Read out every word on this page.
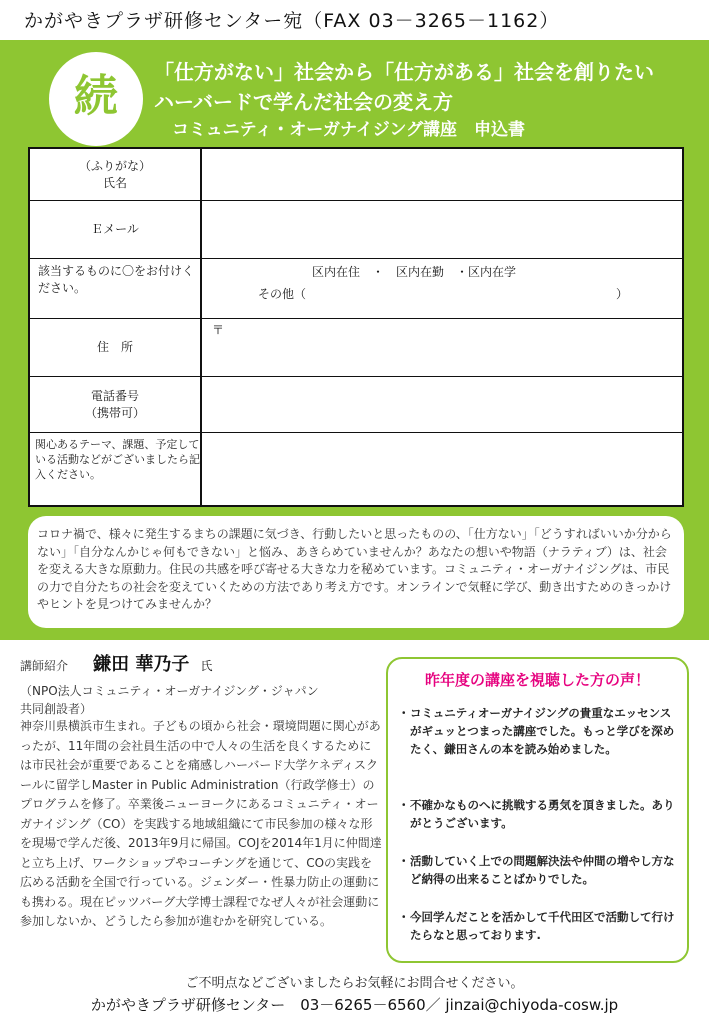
かがやきプラザ研修センター宛（FAX 03－3265－1162）
続	「仕方がない」社会から「仕方がある」社会を創りたい
ハーバードで学んだ社会の変え方
コミュニティ・オーガナイジング講座　申込書
（ふりがな）
氏名
Ｅメール
該当するものに〇をお付けください。
区内在住　・　区内在勤　・区内在学
その他（	）
住　所
〒
電話番号
（携帯可）
関心あるテーマ、課題、予定している活動などがございましたら記入ください。
コロナ禍で、様々に発生するまちの課題に気づき、行動したいと思ったものの、「仕方ない」「どうすればいいか分からない」「自分なんかじゃ何もできない」と悩み、あきらめていませんか？あなたの想いや物語（ナラティブ）は、社会を変える大きな原動力。住民の共感を呼び寄せる大きな力を秘めています。コミュニティ・オーガナイジングは、市民の力で自分たちの社会を変えていくための方法であり考え方です。オンラインで気軽に学び、動き出すためのきっかけやヒントを見つけてみませんか？
講師紹介 鎌田 華乃子 氏
（NPO法人コミュニティ・オーガナイジング・ジャパン共同創設者）
神奈川県横浜市生まれ。子どもの頃から社会・環境問題に関心があったが、11年間の会社員生活の中で人々の生活を良くするためには市民社会が重要であることを痛感しハーバード大学ケネディスクールに留学しMaster in Public Administration（行政学修士）のプログラムを修了。卒業後ニューヨークにあるコミュニティ・オーガナイジング（CO）を実践する地域組織にて市民参加の様々な形を現場で学んだ後、2013年9月に帰国。COJを2014年1月に仲間達と立ち上げ、ワークショップやコーチングを通じて、COの実践を広める活動を全国で行っている。ジェンダー・性暴力防止の運動にも携わる。現在ピッツバーグ大学博士課程でなぜ人々が社会運動に参加しないか、どうしたら参加が進むかを研究している。
昨年度の講座を視聴した方の声！
・ コミュニティオーガナイジングの貴重なエッセンスがギュッとつまった講座でした。もっと学びを深めたく、鎌田さんの本を読み始めました。
・ 不確かなものへに挑戦する勇気を頂きました。ありがとうございます。
・ 活動していく上での問題解決法や仲間の増やし方など納得の出来ることばかりでした。
・ 今回学んだことを活かして千代田区で活動して行けたらなと思っております.
ご不明点などございましたらお気軽にお問合せください。
かがやきプラザ研修センター　03－6265－6560／ jinzai@chiyoda-cosw.jp
